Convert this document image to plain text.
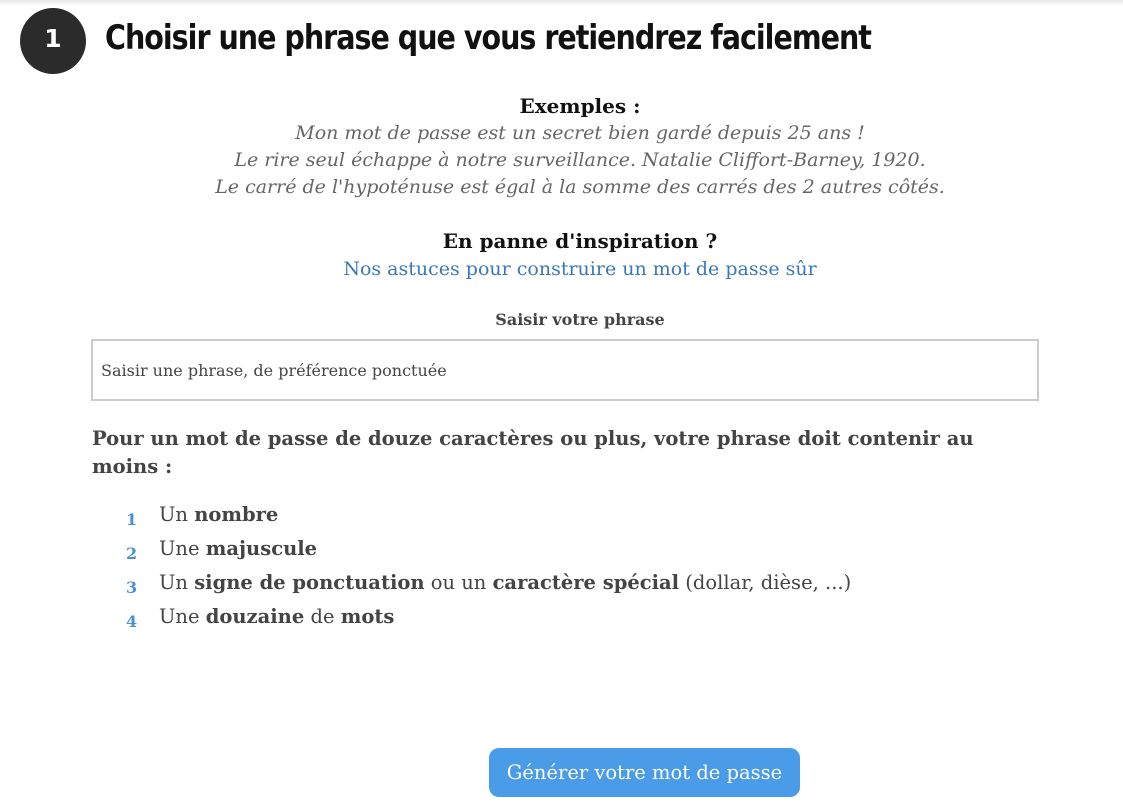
1	Choisir une phrase que vous retiendrez facilement
Exemples :
Mon mot de passe est un secret bien gardé depuis 25 ans !
Le rire seul échappe à notre surveillance. Natalie Cliffort-Barney, 1920.
Le carré de l'hypoténuse est égal à la somme des carrés des 2 autres côtés.
En panne d'inspiration ?
Nos astuces pour construire un mot de passe sûr
Saisir votre phrase
Saisir une phrase, de préférence ponctuée

Pour un mot de passe de douze caractères ou plus, votre phrase doit contenir au moins :

1 Un nombre
2 Une majuscule
3 Un signe de ponctuation ou un caractère spécial (dollar, dièse, ...)
4 Une douzaine de mots
Générer votre mot de passe
